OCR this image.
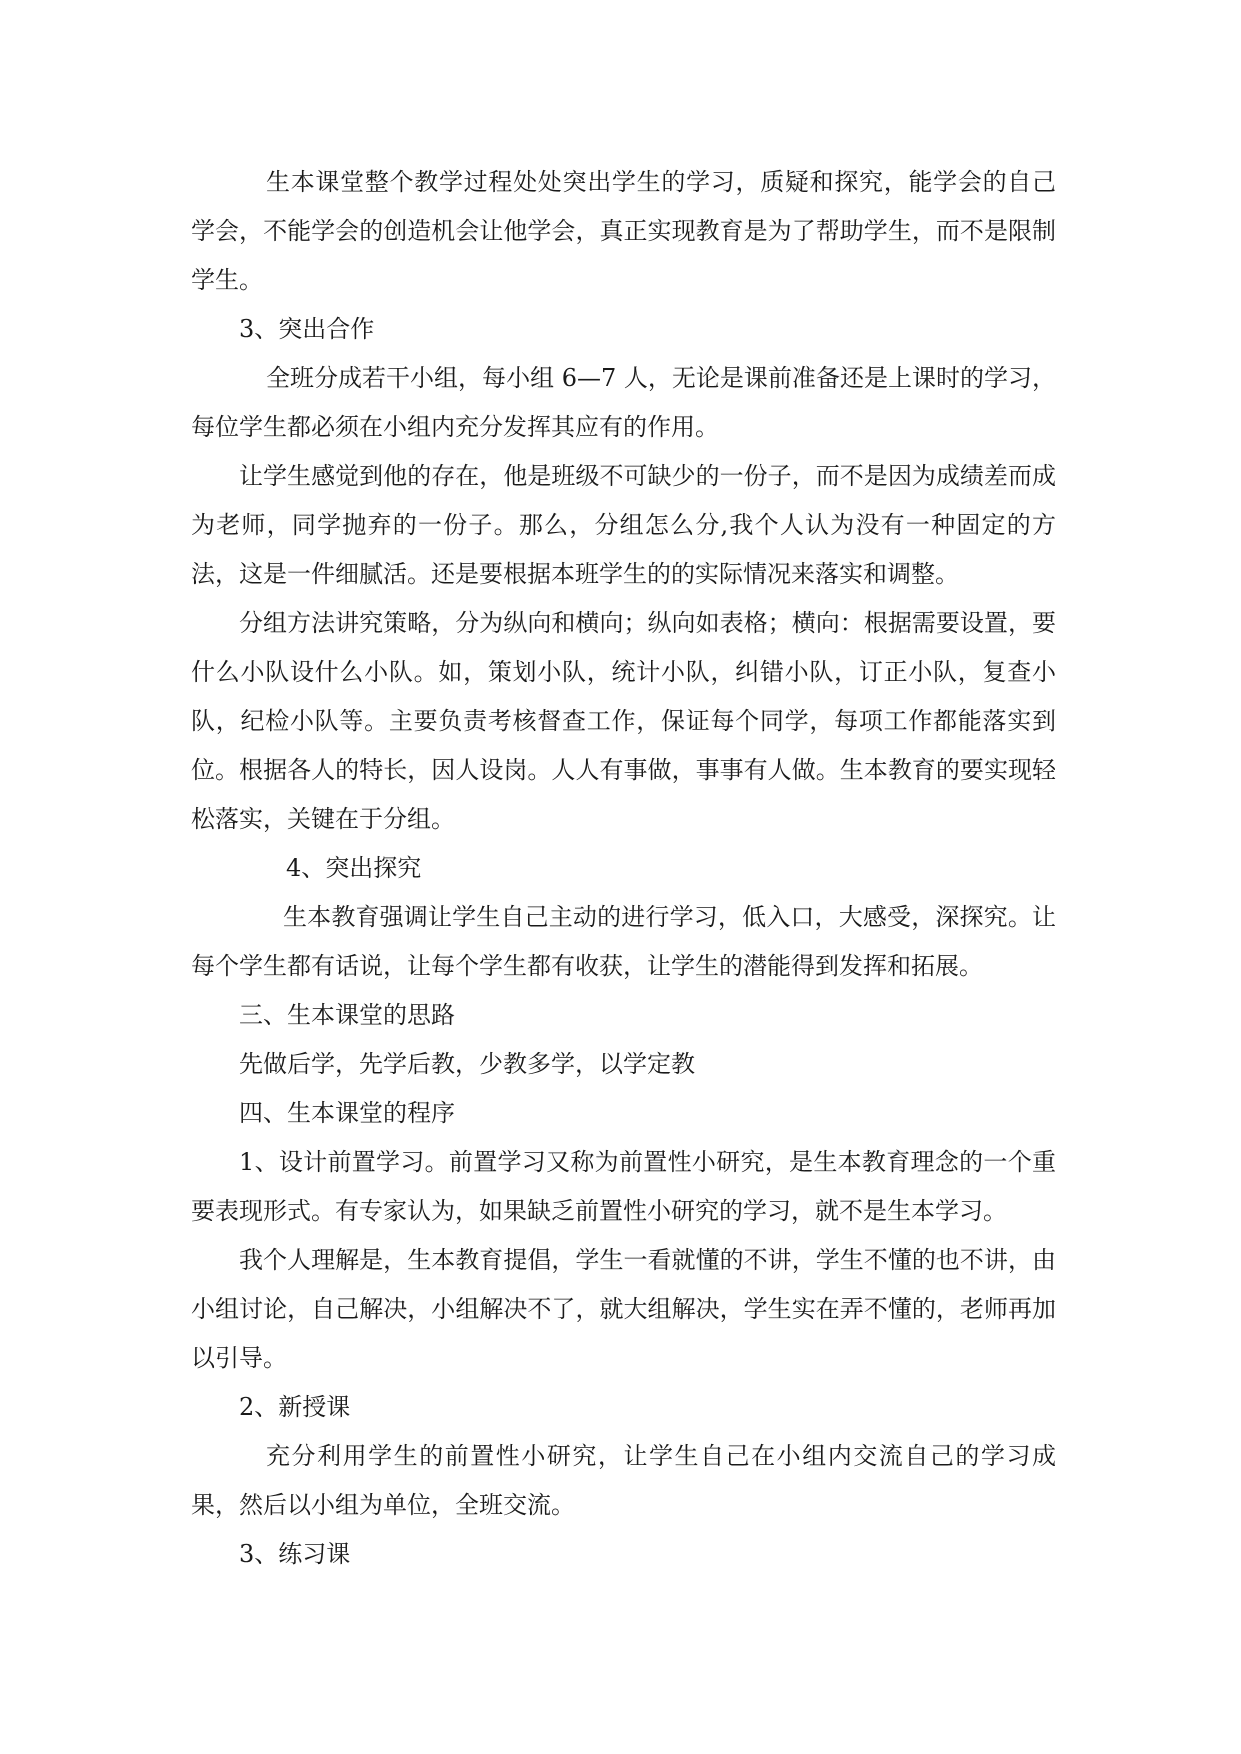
生本课堂整个教学过程处处突出学生的学习，质疑和探究，能学会的自己学会，不能学会的创造机会让他学会，真正实现教育是为了帮助学生，而不是限制学生。

3、突出合作

全班分成若干小组，每小组 6—7 人，无论是课前准备还是上课时的学习，每位学生都必须在小组内充分发挥其应有的作用。

让学生感觉到他的存在，他是班级不可缺少的一份子，而不是因为成绩差而成为老师，同学抛弃的一份子。那么，分组怎么分,我个人认为没有一种固定的方法，这是一件细腻活。还是要根据本班学生的的实际情况来落实和调整。

分组方法讲究策略，分为纵向和横向；纵向如表格；横向：根据需要设置，要什么小队设什么小队。如，策划小队，统计小队，纠错小队，订正小队，复查小队，纪检小队等。主要负责考核督查工作，保证每个同学，每项工作都能落实到位。根据各人的特长，因人设岗。人人有事做，事事有人做。生本教育的要实现轻松落实，关键在于分组。

4、突出探究

生本教育强调让学生自己主动的进行学习，低入口，大感受，深探究。让每个学生都有话说，让每个学生都有收获，让学生的潜能得到发挥和拓展。

三、生本课堂的思路

先做后学，先学后教，少教多学，以学定教

四、生本课堂的程序

1、设计前置学习。前置学习又称为前置性小研究，是生本教育理念的一个重要表现形式。有专家认为，如果缺乏前置性小研究的学习，就不是生本学习。

我个人理解是，生本教育提倡，学生一看就懂的不讲，学生不懂的也不讲，由小组讨论，自己解决，小组解决不了，就大组解决，学生实在弄不懂的，老师再加以引导。

2、新授课

充分利用学生的前置性小研究，让学生自己在小组内交流自己的学习成果，然后以小组为单位，全班交流。

3、练习课
